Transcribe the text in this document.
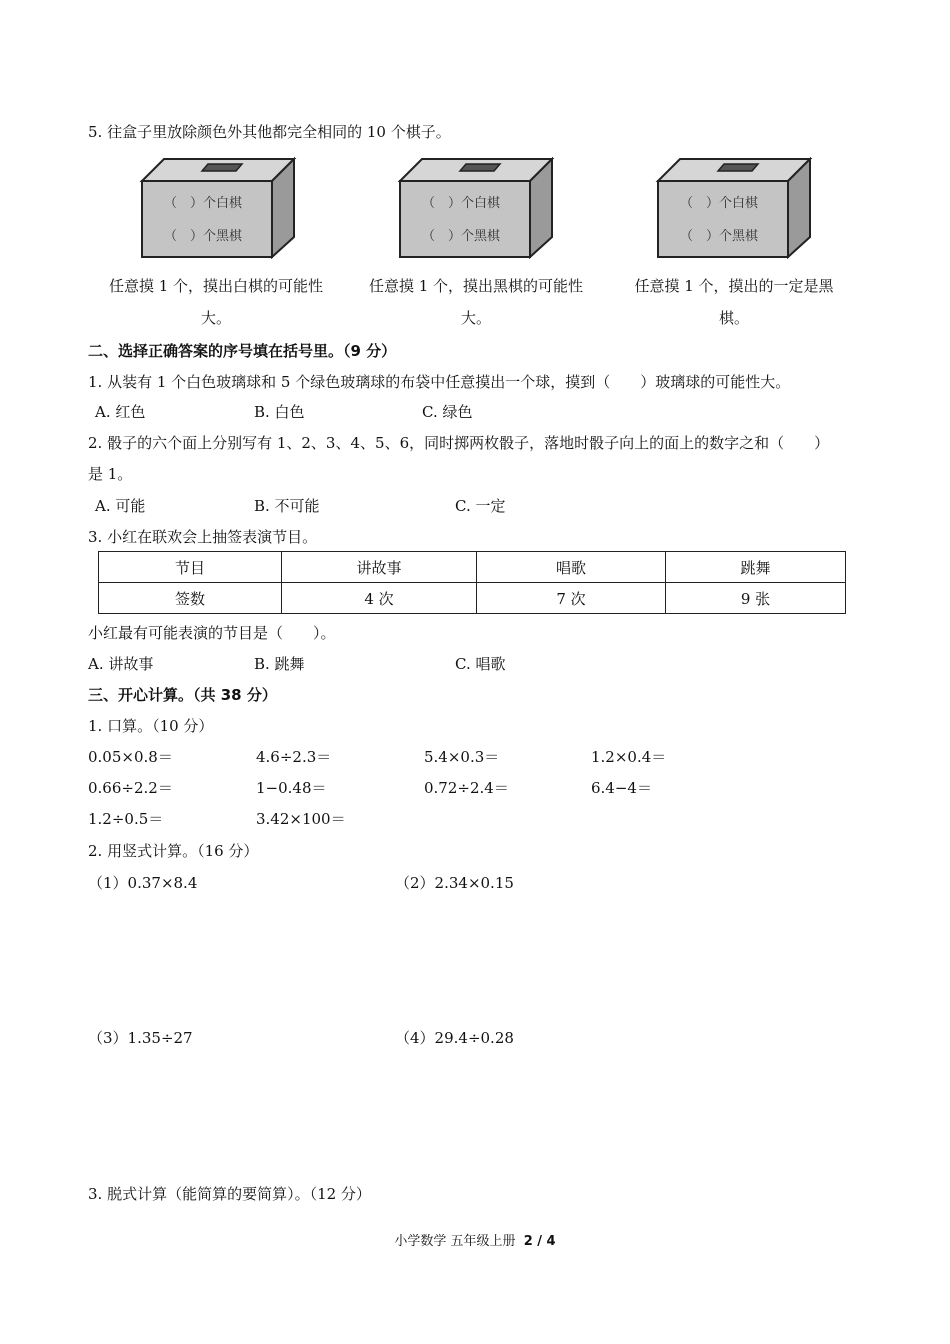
5. 往盒子里放除颜色外其他都完全相同的 10 个棋子。
（　）个白棋
（　）个黑棋
（　）个白棋
（　）个黑棋
（　）个白棋
（　）个黑棋
任意摸 1 个，摸出白棋的可能性
大。
任意摸 1 个，摸出黑棋的可能性
大。
任意摸 1 个，摸出的一定是黑
棋。
二、选择正确答案的序号填在括号里。（9 分）
1. 从装有 1 个白色玻璃球和 5 个绿色玻璃球的布袋中任意摸出一个球，摸到（　　）玻璃球的可能性大。
A. 红色	B. 白色	C. 绿色
2. 骰子的六个面上分别写有 1、2、3、4、5、6，同时掷两枚骰子，落地时骰子向上的面上的数字之和（　　）
是 1。
A. 可能	B. 不可能	C. 一定
3. 小红在联欢会上抽签表演节目。
节目	讲故事	唱歌	跳舞
签数	4 次	7 次	9 张
小红最有可能表演的节目是（　　）。
A. 讲故事	B. 跳舞	C. 唱歌
三、开心计算。（共 38 分）
1. 口算。（10 分）
0.05×0.8＝	4.6÷2.3＝	5.4×0.3＝	1.2×0.4＝
0.66÷2.2＝	1−0.48＝	0.72÷2.4＝	6.4−4＝
1.2÷0.5＝	3.42×100＝
2. 用竖式计算。（16 分）
（1）0.37×8.4	（2）2.34×0.15
（3）1.35÷27	（4）29.4÷0.28
3. 脱式计算（能简算的要简算）。（12 分）
小学数学 五年级上册 2 / 4
